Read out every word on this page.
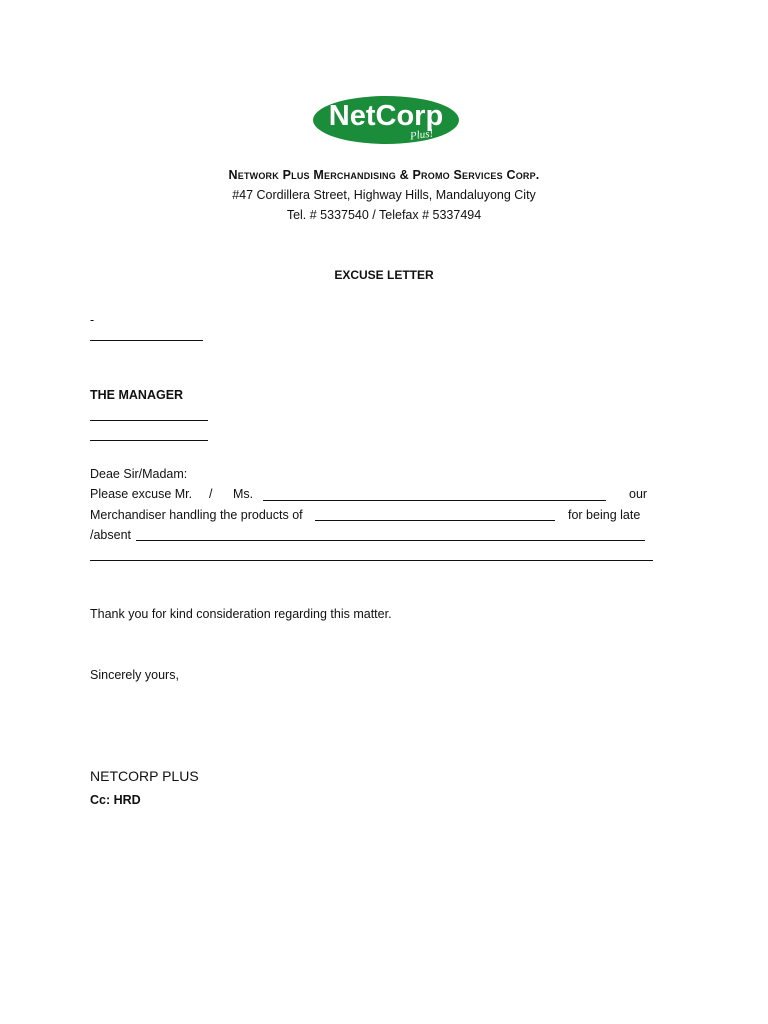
NetCorp
Plus!
Network Plus Merchandising & Promo Services Corp.
#47 Cordillera Street, Highway Hills, Mandaluyong City
Tel. # 5337540 / Telefax # 5337494
EXCUSE LETTER
-
THE MANAGER
Deae Sir/Madam:
Please excuse Mr. / Ms.	our
Merchandiser handling the products of	for being late
/absent
Thank you for kind consideration regarding this matter.
Sincerely yours,
NETCORP PLUS
Cc: HRD
